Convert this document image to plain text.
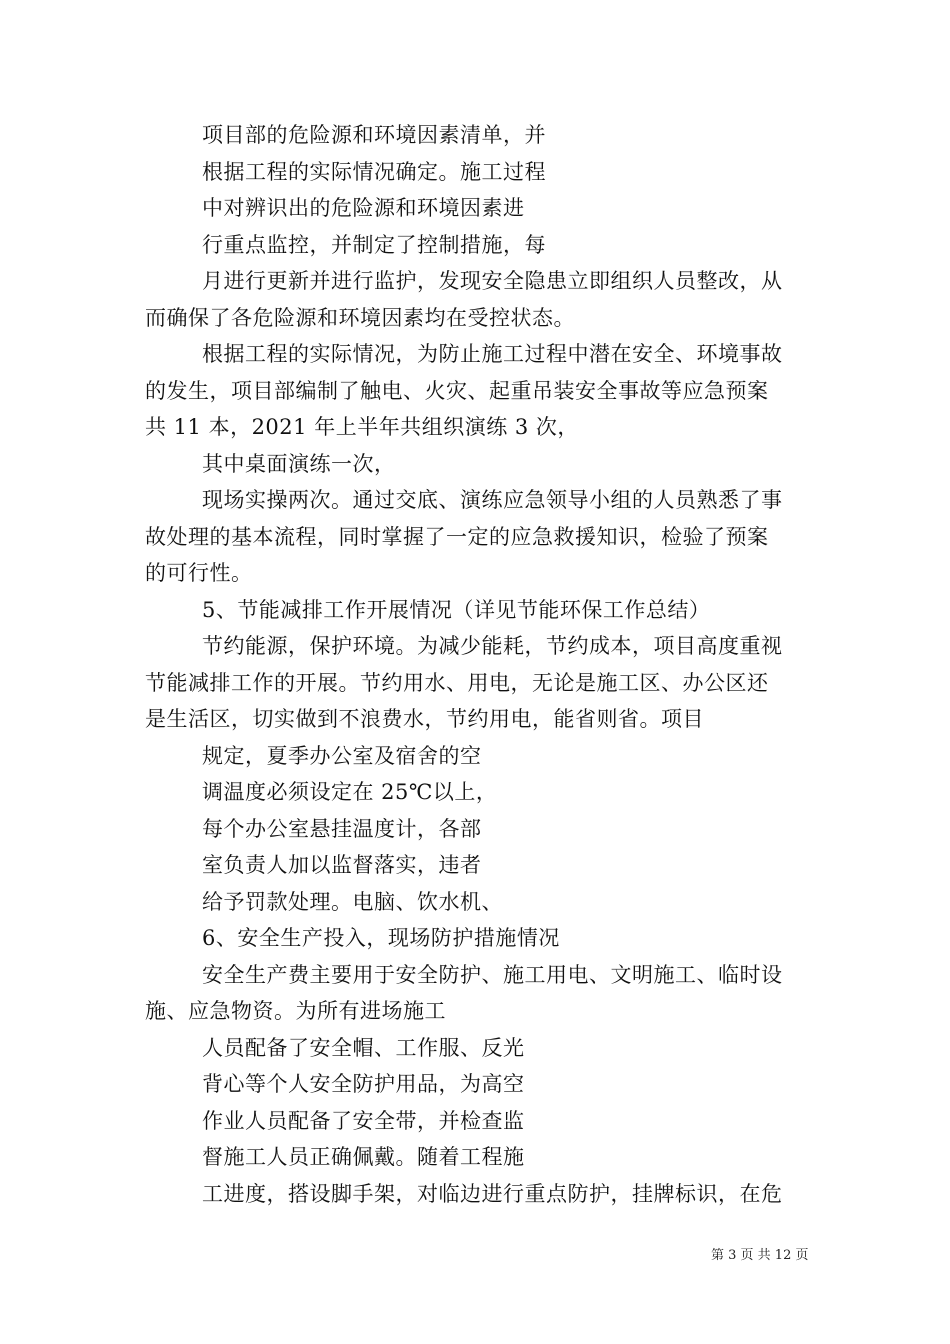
项目部的危险源和环境因素清单，并
根据工程的实际情况确定。施工过程
中对辨识出的危险源和环境因素进
行重点监控，并制定了控制措施，每
月进行更新并进行监护，发现安全隐患立即组织人员整改，从
而确保了各危险源和环境因素均在受控状态。
根据工程的实际情况，为防止施工过程中潜在安全、环境事故
的发生，项目部编制了触电、火灾、起重吊装安全事故等应急预案
共 11 本，2021 年上半年共组织演练 3 次，
其中桌面演练一次，
现场实操两次。通过交底、演练应急领导小组的人员熟悉了事
故处理的基本流程，同时掌握了一定的应急救援知识，检验了预案
的可行性。
5、节能减排工作开展情况（详见节能环保工作总结）
节约能源，保护环境。为减少能耗，节约成本，项目高度重视
节能减排工作的开展。节约用水、用电，无论是施工区、办公区还
是生活区，切实做到不浪费水，节约用电，能省则省。项目
规定，夏季办公室及宿舍的空
调温度必须设定在 25℃以上，
每个办公室悬挂温度计，各部
室负责人加以监督落实，违者
给予罚款处理。电脑、饮水机、
6、安全生产投入，现场防护措施情况
安全生产费主要用于安全防护、施工用电、文明施工、临时设
施、应急物资。为所有进场施工
人员配备了安全帽、工作服、反光
背心等个人安全防护用品，为高空
作业人员配备了安全带，并检查监
督施工人员正确佩戴。随着工程施
工进度，搭设脚手架，对临边进行重点防护，挂牌标识，在危
第 3 页 共 12 页
